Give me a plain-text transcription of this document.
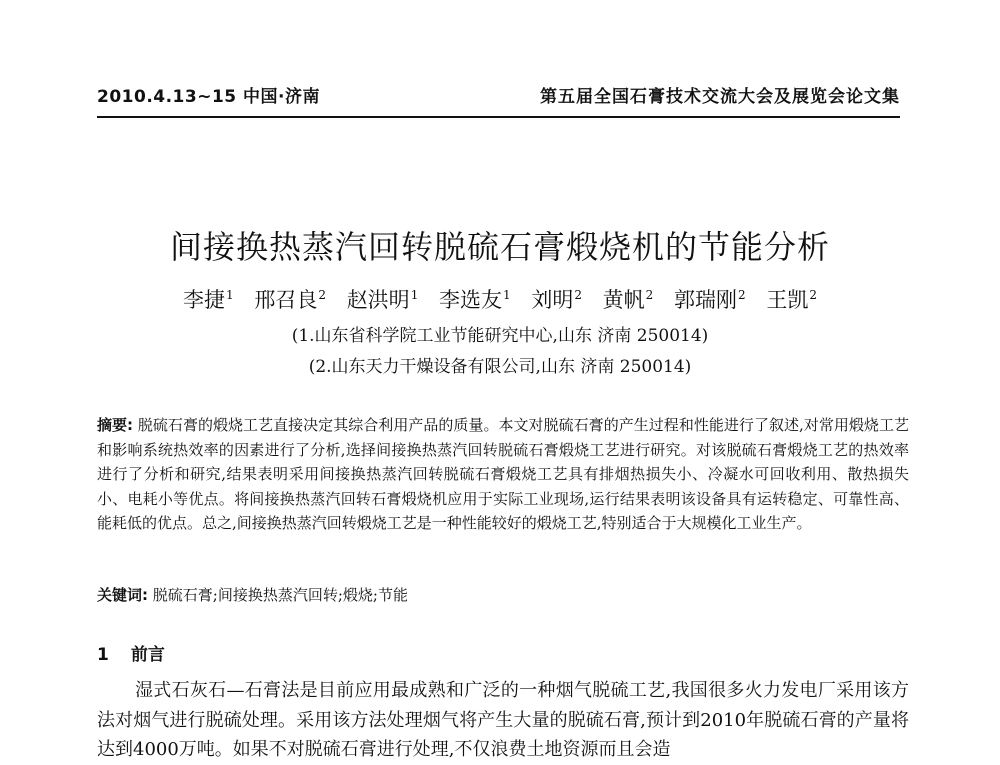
2010.4.13~15 中国·济南	第五届全国石膏技术交流大会及展览会论文集
间接换热蒸汽回转脱硫石膏煅烧机的节能分析
李捷$^1$ 邢召良$^2$ 赵洪明$^1$ 李选友$^1$ 刘明$^2$ 黄帆$^2$ 郭瑞刚$^2$ 王凯$^2$
(1.山东省科学院工业节能研究中心,山东 济南 250014)
(2.山东天力干燥设备有限公司,山东 济南 250014)
摘要: 脱硫石膏的煅烧工艺直接决定其综合利用产品的质量。本文对脱硫石膏的产生过程和性能进行了叙述,对常用煅烧工艺和影响系统热效率的因素进行了分析,选择间接换热蒸汽回转脱硫石膏煅烧工艺进行研究。对该脱硫石膏煅烧工艺的热效率进行了分析和研究,结果表明采用间接换热蒸汽回转脱硫石膏煅烧工艺具有排烟热损失小、冷凝水可回收利用、散热损失小、电耗小等优点。将间接换热蒸汽回转石膏煅烧机应用于实际工业现场,运行结果表明该设备具有运转稳定、可靠性高、能耗低的优点。总之,间接换热蒸汽回转煅烧工艺是一种性能较好的煅烧工艺,特别适合于大规模化工业生产。
关键词: 脱硫石膏;间接换热蒸汽回转;煅烧;节能
1 前言
湿式石灰石—石膏法是目前应用最成熟和广泛的一种烟气脱硫工艺,我国很多火力发电厂采用该方法对烟气进行脱硫处理。采用该方法处理烟气将产生大量的脱硫石膏,预计到2010年脱硫石膏的产量将达到4000万吨。如果不对脱硫石膏进行处理,不仅浪费土地资源而且会造
